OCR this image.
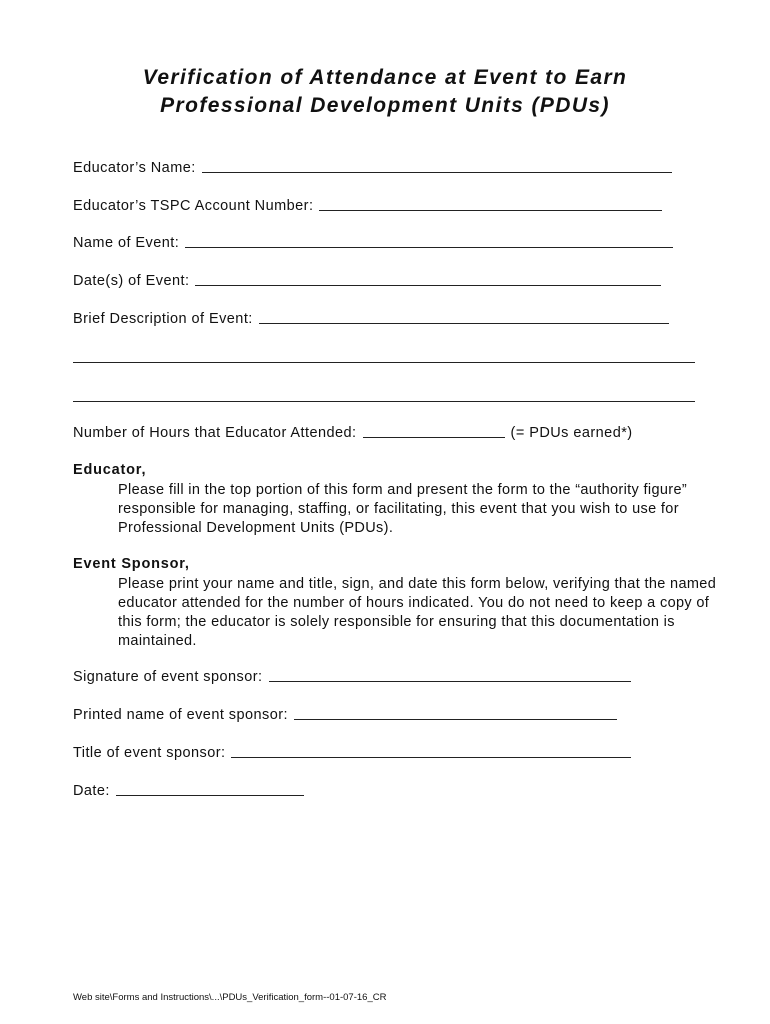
Verification of Attendance at Event to Earn
Professional Development Units (PDUs)
Educator’s Name:
Educator’s TSPC Account Number:
Name of Event:
Date(s) of Event:
Brief Description of Event:
Number of Hours that Educator Attended:	(= PDUs earned*)
Educator,
Please fill in the top portion of this form and present the form to the “authority figure” responsible for managing, staffing, or facilitating, this event that you wish to use for Professional Development Units (PDUs).
Event Sponsor,
Please print your name and title, sign, and date this form below, verifying that the named educator attended for the number of hours indicated. You do not need to keep a copy of this form; the educator is solely responsible for ensuring that this documentation is maintained.
Signature of event sponsor:
Printed name of event sponsor:
Title of event sponsor:
Date:
Web site\Forms and Instructions\...\PDUs_Verification_form--01-07-16_CR
